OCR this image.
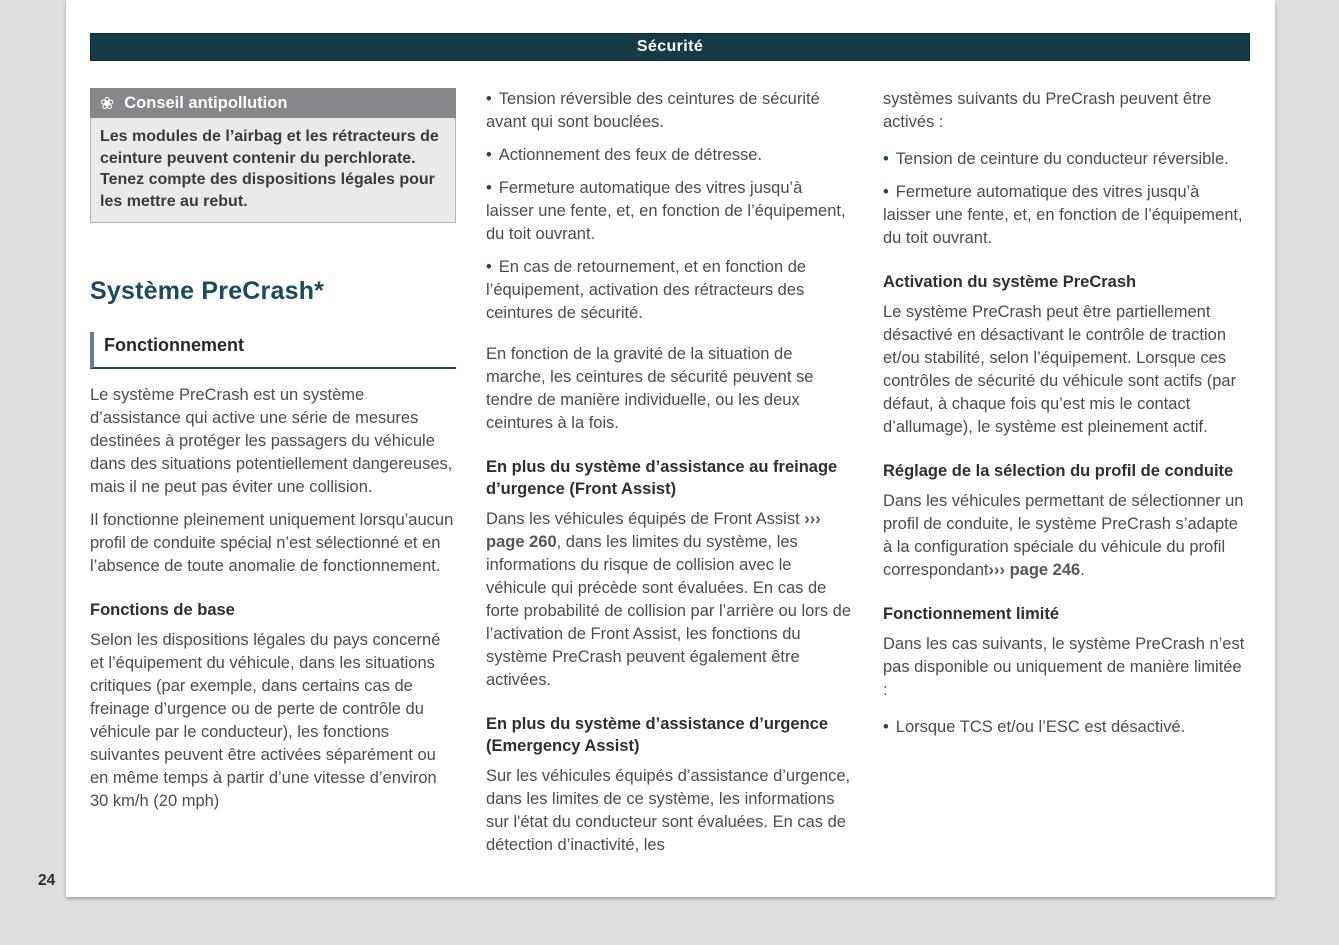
Sécurité
❀ Conseil antipollution
Les modules de l’airbag et les rétracteurs de ceinture peuvent contenir du perchlorate. Tenez compte des dispositions légales pour les mettre au rebut.
Système PreCrash*
Fonctionnement

Le système PreCrash est un système d’assistance qui active une série de mesures destinées à protéger les passagers du véhicule dans des situations potentiellement dangereuses, mais il ne peut pas éviter une collision.

Il fonctionne pleinement uniquement lorsqu’aucun profil de conduite spécial n’est sélectionné et en l’absence de toute anomalie de fonctionnement.

Fonctions de base

Selon les dispositions légales du pays concerné et l’équipement du véhicule, dans les situations critiques (par exemple, dans certains cas de freinage d’urgence ou de perte de contrôle du véhicule par le conducteur), les fonctions suivantes peuvent être activées séparément ou en même temps à partir d’une vitesse d’environ 30 km/h (20 mph)

• Tension réversible des ceintures de sécurité avant qui sont bouclées.

• Actionnement des feux de détresse.

• Fermeture automatique des vitres jusqu’à laisser une fente, et, en fonction de l’équipement, du toit ouvrant.

• En cas de retournement, et en fonction de l’équipement, activation des rétracteurs des ceintures de sécurité.

En fonction de la gravité de la situation de marche, les ceintures de sécurité peuvent se tendre de manière individuelle, ou les deux ceintures à la fois.

En plus du système d’assistance au freinage d’urgence (Front Assist)

Dans les véhicules équipés de Front Assist ››› page 260, dans les limites du système, les informations du risque de collision avec le véhicule qui précède sont évaluées. En cas de forte probabilité de collision par l’arrière ou lors de l’activation de Front Assist, les fonctions du système PreCrash peuvent également être activées.

En plus du système d’assistance d’urgence (Emergency Assist)

Sur les véhicules équipés d’assistance d’urgence, dans les limites de ce système, les informations sur l'état du conducteur sont évaluées. En cas de détection d’inactivité, les

systèmes suivants du PreCrash peuvent être activés :

• Tension de ceinture du conducteur réversible.

• Fermeture automatique des vitres jusqu’à laisser une fente, et, en fonction de l’équipement, du toit ouvrant.

Activation du système PreCrash

Le système PreCrash peut être partiellement désactivé en désactivant le contrôle de traction et/ou stabilité, selon l’équipement. Lorsque ces contrôles de sécurité du véhicule sont actifs (par défaut, à chaque fois qu’est mis le contact d’allumage), le système est pleinement actif.

Réglage de la sélection du profil de conduite

Dans les véhicules permettant de sélectionner un profil de conduite, le système PreCrash s’adapte à la configuration spéciale du véhicule du profil correspondant››› page 246.

Fonctionnement limité

Dans les cas suivants, le système PreCrash n’est pas disponible ou uniquement de manière limitée :

• Lorsque TCS et/ou l’ESC est désactivé.

24
